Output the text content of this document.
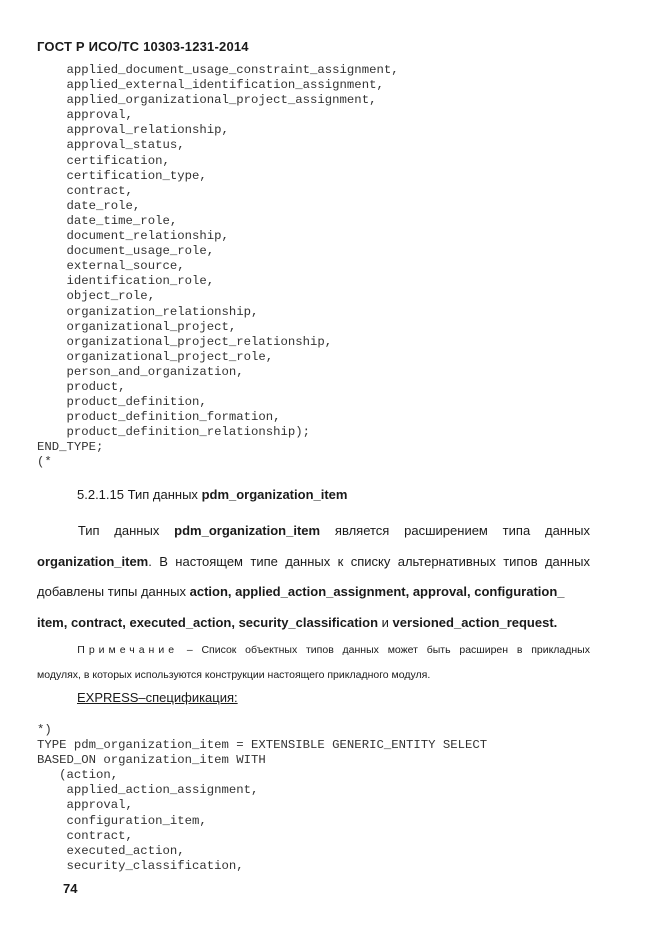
ГОСТ Р ИСО/ТС 10303-1231-2014
applied_document_usage_constraint_assignment,
applied_external_identification_assignment,
applied_organizational_project_assignment,
approval,
approval_relationship,
approval_status,
certification,
certification_type,
contract,
date_role,
date_time_role,
document_relationship,
document_usage_role,
external_source,
identification_role,
object_role,
organization_relationship,
organizational_project,
organizational_project_relationship,
organizational_project_role,
person_and_organization,
product,
product_definition,
product_definition_formation,
product_definition_relationship);
END_TYPE;
(*
5.2.1.15 Тип данных pdm_organization_item
   Тип данных pdm_organization_item является расширением типа данных
organization_item. В настоящем типе данных к списку альтернативных типов данных
добавлены типы данных action, applied_action_assignment, approval, configuration_
item, contract, executed_action, security_classification и versioned_action_request.
    Примечание – Список объектных типов данных может быть расширен в прикладных
модулях, в которых используются конструкции настоящего прикладного модуля.
EXPRESS–спецификация:
*)
TYPE pdm_organization_item = EXTENSIBLE GENERIC_ENTITY SELECT
BASED_ON organization_item WITH
(action,
applied_action_assignment,
approval,
configuration_item,
contract,
executed_action,
security_classification,
74
